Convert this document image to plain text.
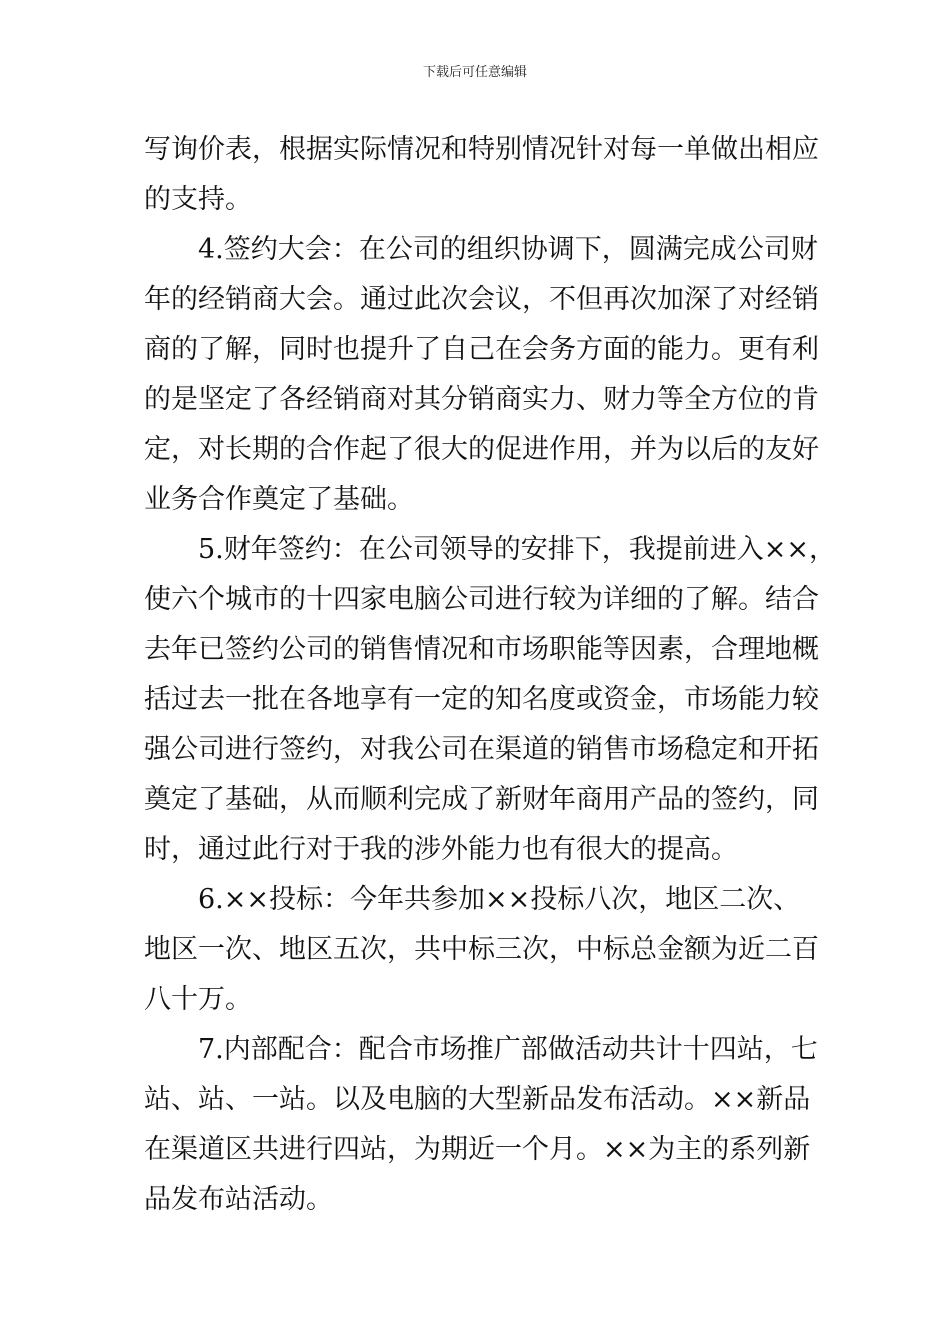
下载后可任意编辑
写询价表，根据实际情况和特别情况针对每一单做出相应
的支持。
4.签约大会：在公司的组织协调下，圆满完成公司财
年的经销商大会。通过此次会议，不但再次加深了对经销
商的了解，同时也提升了自己在会务方面的能力。更有利
的是坚定了各经销商对其分销商实力、财力等全方位的肯
定，对长期的合作起了很大的促进作用，并为以后的友好
业务合作奠定了基础。
5.财年签约：在公司领导的安排下，我提前进入××，
使六个城市的十四家电脑公司进行较为详细的了解。结合
去年已签约公司的销售情况和市场职能等因素，合理地概
括过去一批在各地享有一定的知名度或资金，市场能力较
强公司进行签约，对我公司在渠道的销售市场稳定和开拓
奠定了基础，从而顺利完成了新财年商用产品的签约，同
时，通过此行对于我的涉外能力也有很大的提高。
6.××投标：今年共参加××投标八次，地区二次、
地区一次、地区五次，共中标三次，中标总金额为近二百
八十万。
7.内部配合：配合市场推广部做活动共计十四站，七
站、站、一站。以及电脑的大型新品发布活动。××新品
在渠道区共进行四站，为期近一个月。××为主的系列新
品发布站活动。
